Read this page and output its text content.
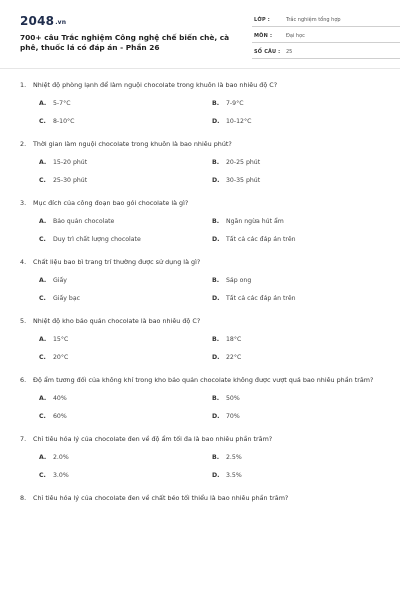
2048.vn
700+ câu Trắc nghiệm Công nghệ chế biến chè, cà phê, thuốc lá có đáp án - Phần 26
LỚP :	Trắc nghiệm tổng hợp
MÔN :	Đại học
SỐ CÂU : 25
1.	Nhiệt độ phòng lạnh để làm nguội chocolate trong khuôn là bao nhiêu độ C?
A.	5-7°C	B.	7-9°C
C.	8-10°C	D.	10-12°C
2.	Thời gian làm nguội chocolate trong khuôn là bao nhiêu phút?
A.	15-20 phút	B.	20-25 phút
C.	25-30 phút	D.	30-35 phút
3.	Mục đích của công đoạn bao gói chocolate là gì?
A.	Bảo quản chocolate	B.	Ngăn ngừa hút ẩm
C.	Duy trì chất lượng chocolate	D.	Tất cả các đáp án trên
4.	Chất liệu bao bì trang trí thường được sử dụng là gì?
A.	Giấy	B.	Sáp ong
C.	Giấy bạc	D.	Tất cả các đáp án trên
5.	Nhiệt độ kho bảo quản chocolate là bao nhiêu độ C?
A.	15°C	B.	18°C
C.	20°C	D.	22°C
6.	Độ ẩm tương đối của không khí trong kho bảo quản chocolate không được vượt quá bao nhiêu phần trăm?
A.	40%	B.	50%
C.	60%	D.	70%
7.	Chỉ tiêu hóa lý của chocolate đen về độ ẩm tối đa là bao nhiêu phần trăm?
A.	2.0%	B.	2.5%
C.	3.0%	D.	3.5%
8.	Chỉ tiêu hóa lý của chocolate đen về chất béo tối thiểu là bao nhiêu phần trăm?
